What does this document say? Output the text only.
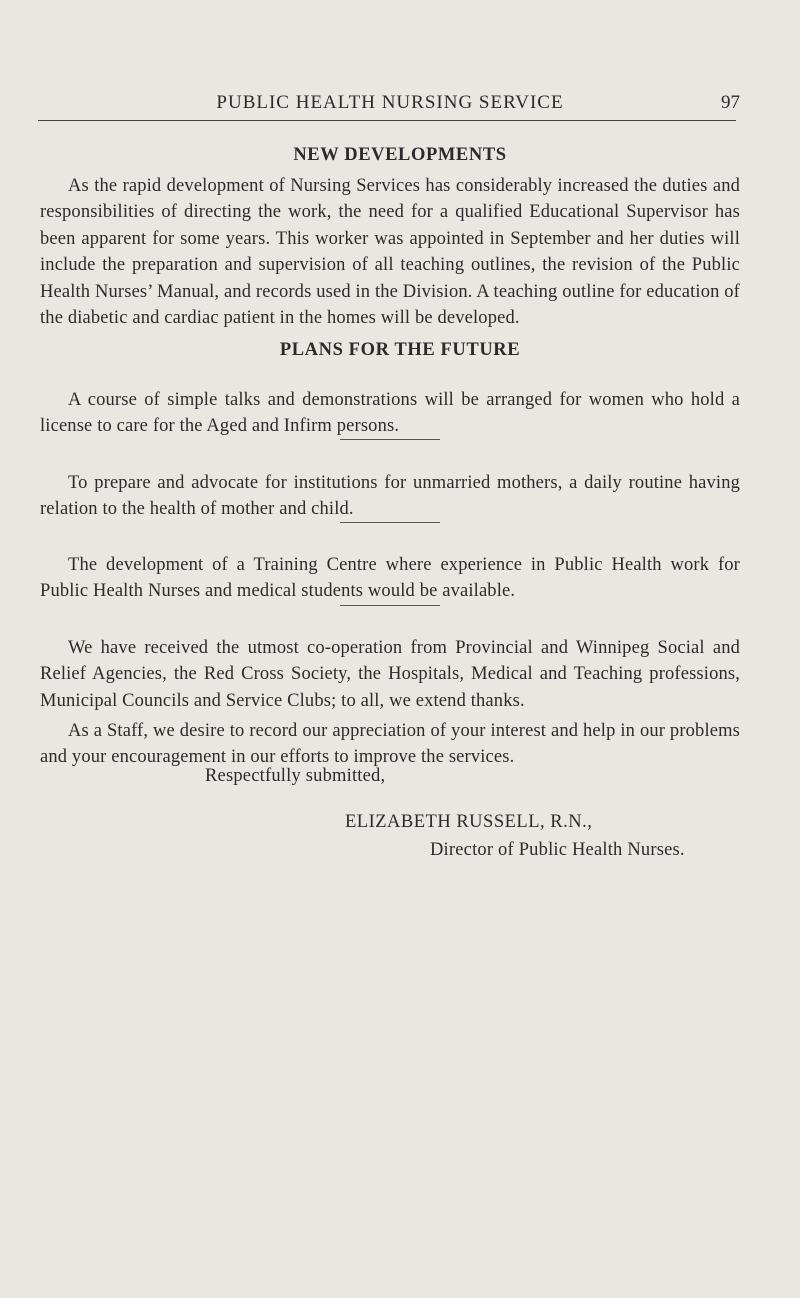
PUBLIC HEALTH NURSING SERVICE	97
NEW DEVELOPMENTS

As the rapid development of Nursing Services has considerably increased the duties and responsibilities of directing the work, the need for a qualified Educational Supervisor has been apparent for some years. This worker was appointed in September and her duties will include the preparation and supervision of all teaching outlines, the revision of the Public Health Nurses’ Manual, and records used in the Division. A teaching outline for education of the diabetic and cardiac patient in the homes will be developed.

PLANS FOR THE FUTURE

A course of simple talks and demonstrations will be arranged for women who hold a license to care for the Aged and Infirm persons.

To prepare and advocate for institutions for unmarried mothers, a daily routine having relation to the health of mother and child.

The development of a Training Centre where experience in Public Health work for Public Health Nurses and medical students would be available.

We have received the utmost co-operation from Provincial and Winnipeg Social and Relief Agencies, the Red Cross Society, the Hospitals, Medical and Teaching professions, Municipal Councils and Service Clubs; to all, we extend thanks.

As a Staff, we desire to record our appreciation of your interest and help in our problems and your encouragement in our efforts to improve the services.

Respectfully submitted,
ELIZABETH RUSSELL, R.N.,
Director of Public Health Nurses.
